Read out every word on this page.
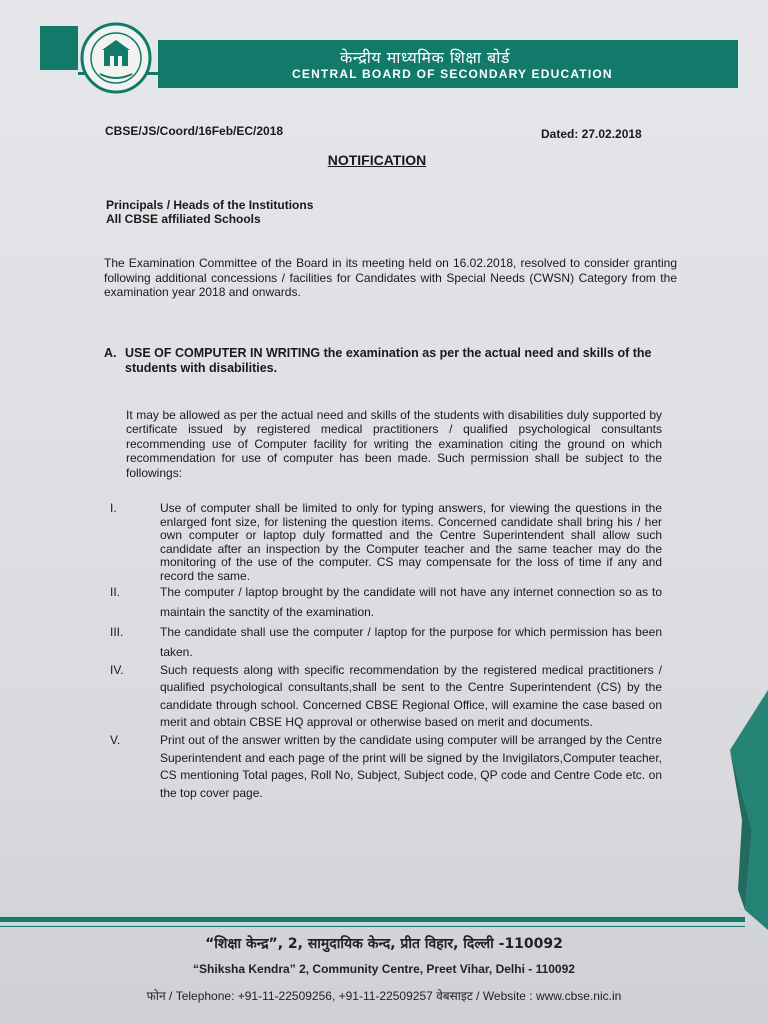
केन्द्रीय माध्यमिक शिक्षा बोर्ड
CENTRAL BOARD OF SECONDARY EDUCATION
CBSE/JS/Coord/16Feb/EC/2018	Dated: 27.02.2018
NOTIFICATION
Principals / Heads of the Institutions
All CBSE affiliated Schools
The Examination Committee of the Board in its meeting held on 16.02.2018, resolved to consider granting following additional concessions / facilities for Candidates with Special Needs (CWSN) Category from the examination year 2018 and onwards.
A. USE OF COMPUTER IN WRITING the examination as per the actual need and skills of the students with disabilities.
It may be allowed as per the actual need and skills of the students with disabilities duly supported by certificate issued by registered medical practitioners / qualified psychological consultants recommending use of Computer facility for writing the examination citing the ground on which recommendation for use of computer has been made. Such permission shall be subject to the followings:
I.	Use of computer shall be limited to only for typing answers, for viewing the questions in the enlarged font size, for listening the question items. Concerned candidate shall bring his / her own computer or laptop duly formatted and the Centre Superintendent shall allow such candidate after an inspection by the Computer teacher and the same teacher may do the monitoring of the use of the computer. CS may compensate for the loss of time if any and record the same.
II.	The computer / laptop brought by the candidate will not have any internet connection so as to maintain the sanctity of the examination.
III.	The candidate shall use the computer / laptop for the purpose for which permission has been taken.
IV.	Such requests along with specific recommendation by the registered medical practitioners / qualified psychological consultants,shall be sent to the Centre Superintendent (CS) by the candidate through school. Concerned CBSE Regional Office, will examine the case based on merit and obtain CBSE HQ approval or otherwise based on merit and documents.
V.	Print out of the answer written by the candidate using computer will be arranged by the Centre Superintendent and each page of the print will be signed by the Invigilators,Computer teacher, CS mentioning Total pages, Roll No, Subject, Subject code, QP code and Centre Code etc. on the top cover page.
“शिक्षा केन्द्र”, 2, सामुदायिक केन्द, प्रीत विहार, दिल्ली -110092
“Shiksha Kendra” 2, Community Centre, Preet Vihar, Delhi - 110092
फोन / Telephone: +91-11-22509256, +91-11-22509257 वेबसाइट / Website : www.cbse.nic.in
